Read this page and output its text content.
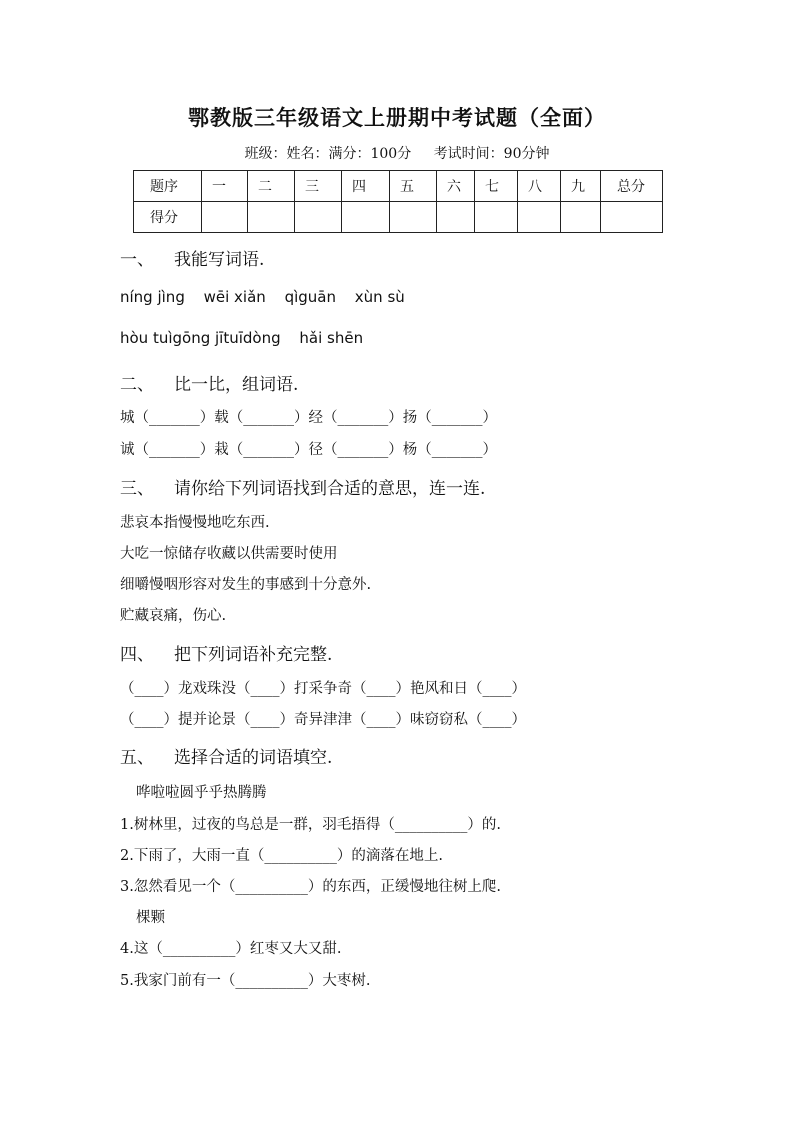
鄂教版三年级语文上册期中考试题（全面）
班级：姓名：满分：100分 考试时间：90分钟
题序	一	二	三	四	五	六	七	八	九	总分
得分										
一、 我能写词语.
níng jìng wēi xiǎn qìguān xùn sù
hòu tuìgōng jītuīdòng hǎi shēn
二、 比一比，组词语.
城（_______）载（_______）经（_______）扬（_______）
诚（_______）栽（_______）径（_______）杨（_______）
三、 请你给下列词语找到合适的意思，连一连.
悲哀本指慢慢地吃东西.
大吃一惊储存收藏以供需要时使用
细嚼慢咽形容对发生的事感到十分意外.
贮藏哀痛，伤心.
四、 把下列词语补充完整.
（____）龙戏珠没（____）打采争奇（____）艳风和日（____）
（____）提并论景（____）奇异津津（____）味窃窃私（____）
五、 选择合适的词语填空.
哗啦啦圆乎乎热腾腾
1.树林里，过夜的鸟总是一群，羽毛捂得（__________）的.
2.下雨了，大雨一直（__________）的滴落在地上.
3.忽然看见一个（__________）的东西，正缓慢地往树上爬.
棵颗
4.这（__________）红枣又大又甜.
5.我家门前有一（__________）大枣树.
